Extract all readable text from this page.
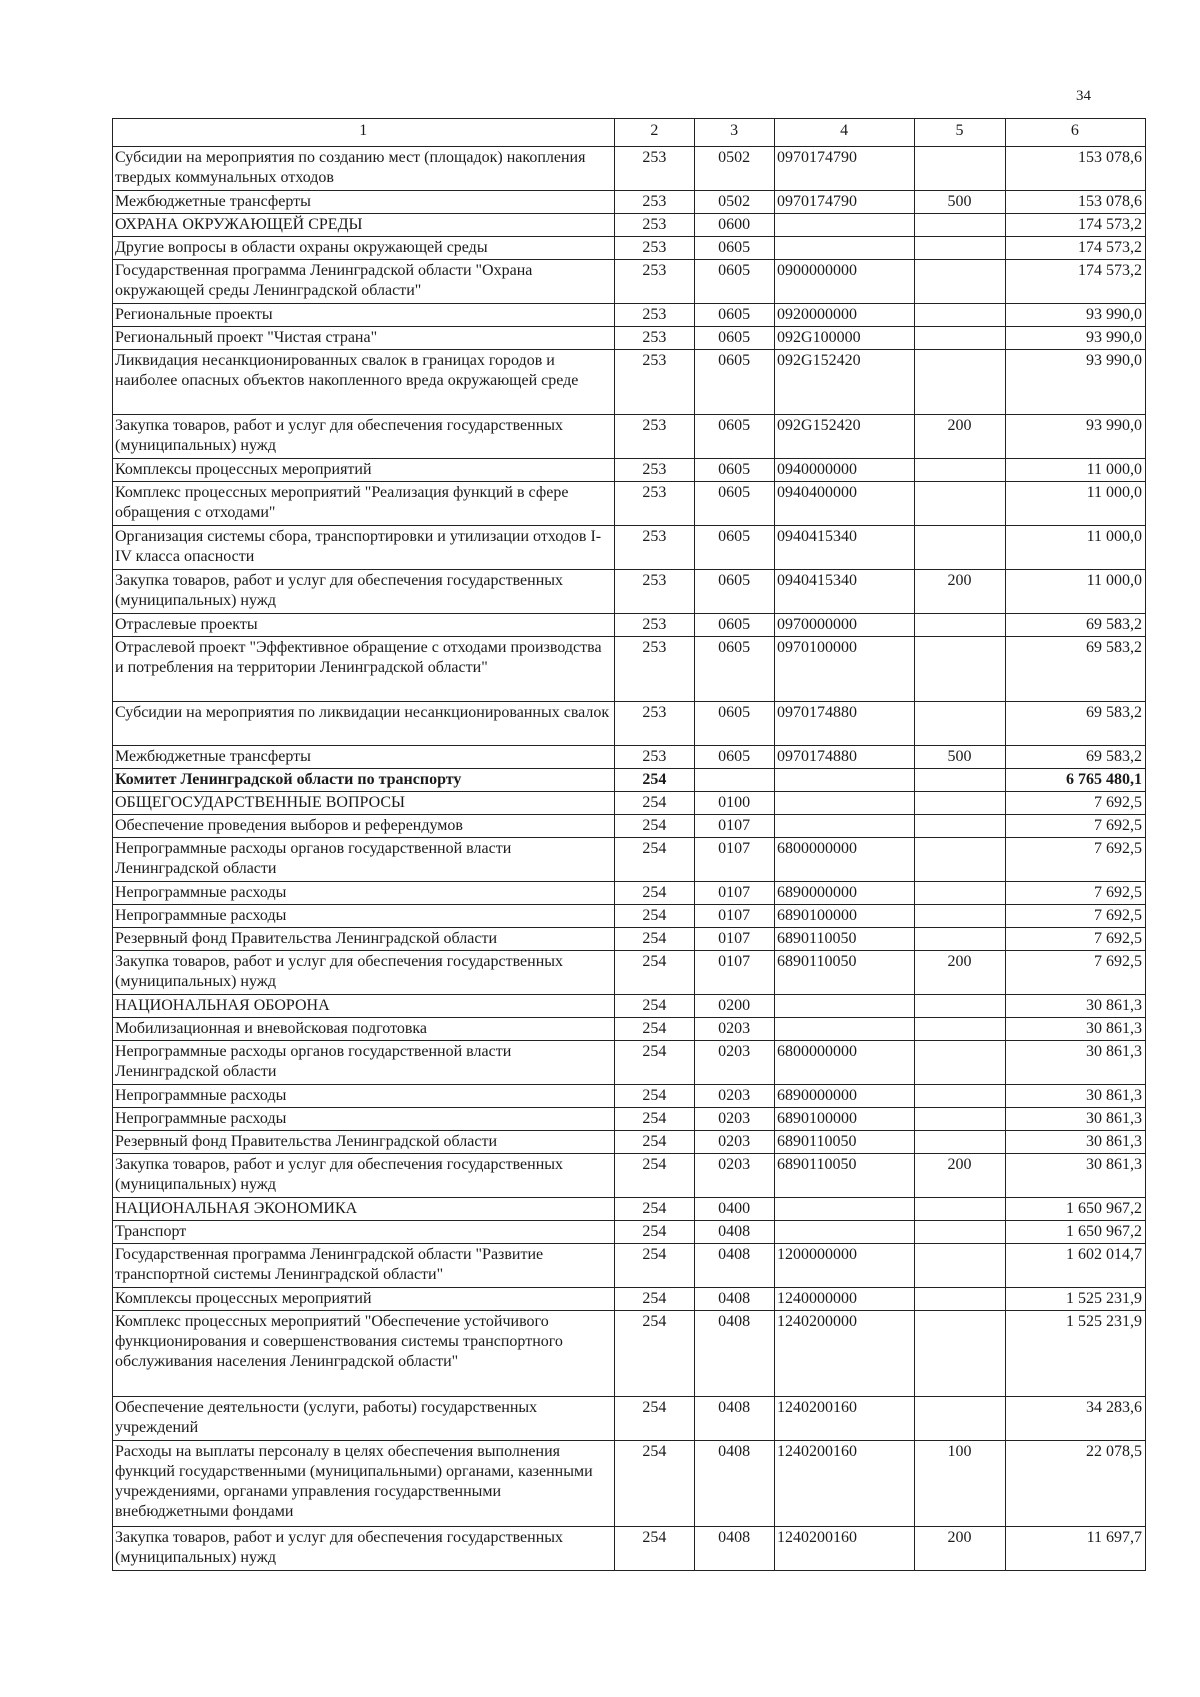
34
1	2	3	4	5	6
Субсидии на мероприятия по созданию мест (площадок) накопления твердых коммунальных отходов	253	0502	0970174790		153 078,6
Межбюджетные трансферты	253	0502	0970174790	500	153 078,6
ОХРАНА ОКРУЖАЮЩЕЙ СРЕДЫ	253	0600			174 573,2
Другие вопросы в области охраны окружающей среды	253	0605			174 573,2
Государственная программа Ленинградской области "Охрана окружающей среды Ленинградской области"	253	0605	0900000000		174 573,2
Региональные проекты	253	0605	0920000000		93 990,0
Региональный проект "Чистая страна"	253	0605	092G100000		93 990,0
Ликвидация несанкционированных свалок в границах городов и наиболее опасных объектов накопленного вреда окружающей среде	253	0605	092G152420		93 990,0
Закупка товаров, работ и услуг для обеспечения государственных (муниципальных) нужд	253	0605	092G152420	200	93 990,0
Комплексы процессных мероприятий	253	0605	0940000000		11 000,0
Комплекс процессных мероприятий "Реализация функций в сфере обращения с отходами"	253	0605	0940400000		11 000,0
Организация системы сбора, транспортировки и утилизации отходов I-IV класса опасности	253	0605	0940415340		11 000,0
Закупка товаров, работ и услуг для обеспечения государственных (муниципальных) нужд	253	0605	0940415340	200	11 000,0
Отраслевые проекты	253	0605	0970000000		69 583,2
Отраслевой проект "Эффективное обращение с отходами производства и потребления на территории Ленинградской области"	253	0605	0970100000		69 583,2
Субсидии на мероприятия по ликвидации несанкционированных свалок	253	0605	0970174880		69 583,2
Межбюджетные трансферты	253	0605	0970174880	500	69 583,2
Комитет Ленинградской области по транспорту	254				6 765 480,1
ОБЩЕГОСУДАРСТВЕННЫЕ ВОПРОСЫ	254	0100			7 692,5
Обеспечение проведения выборов и референдумов	254	0107			7 692,5
Непрограммные расходы органов государственной власти Ленинградской области	254	0107	6800000000		7 692,5
Непрограммные расходы	254	0107	6890000000		7 692,5
Непрограммные расходы	254	0107	6890100000		7 692,5
Резервный фонд Правительства Ленинградской области	254	0107	6890110050		7 692,5
Закупка товаров, работ и услуг для обеспечения государственных (муниципальных) нужд	254	0107	6890110050	200	7 692,5
НАЦИОНАЛЬНАЯ ОБОРОНА	254	0200			30 861,3
Мобилизационная и вневойсковая подготовка	254	0203			30 861,3
Непрограммные расходы органов государственной власти Ленинградской области	254	0203	6800000000		30 861,3
Непрограммные расходы	254	0203	6890000000		30 861,3
Непрограммные расходы	254	0203	6890100000		30 861,3
Резервный фонд Правительства Ленинградской области	254	0203	6890110050		30 861,3
Закупка товаров, работ и услуг для обеспечения государственных (муниципальных) нужд	254	0203	6890110050	200	30 861,3
НАЦИОНАЛЬНАЯ ЭКОНОМИКА	254	0400			1 650 967,2
Транспорт	254	0408			1 650 967,2
Государственная программа Ленинградской области "Развитие транспортной системы Ленинградской области"	254	0408	1200000000		1 602 014,7
Комплексы процессных мероприятий	254	0408	1240000000		1 525 231,9
Комплекс процессных мероприятий "Обеспечение устойчивого функционирования и совершенствования системы транспортного обслуживания населения Ленинградской области"	254	0408	1240200000		1 525 231,9
Обеспечение деятельности (услуги, работы) государственных учреждений	254	0408	1240200160		34 283,6
Расходы на выплаты персоналу в целях обеспечения выполнения функций государственными (муниципальными) органами, казенными учреждениями, органами управления государственными внебюджетными фондами	254	0408	1240200160	100	22 078,5
Закупка товаров, работ и услуг для обеспечения государственных (муниципальных) нужд	254	0408	1240200160	200	11 697,7
